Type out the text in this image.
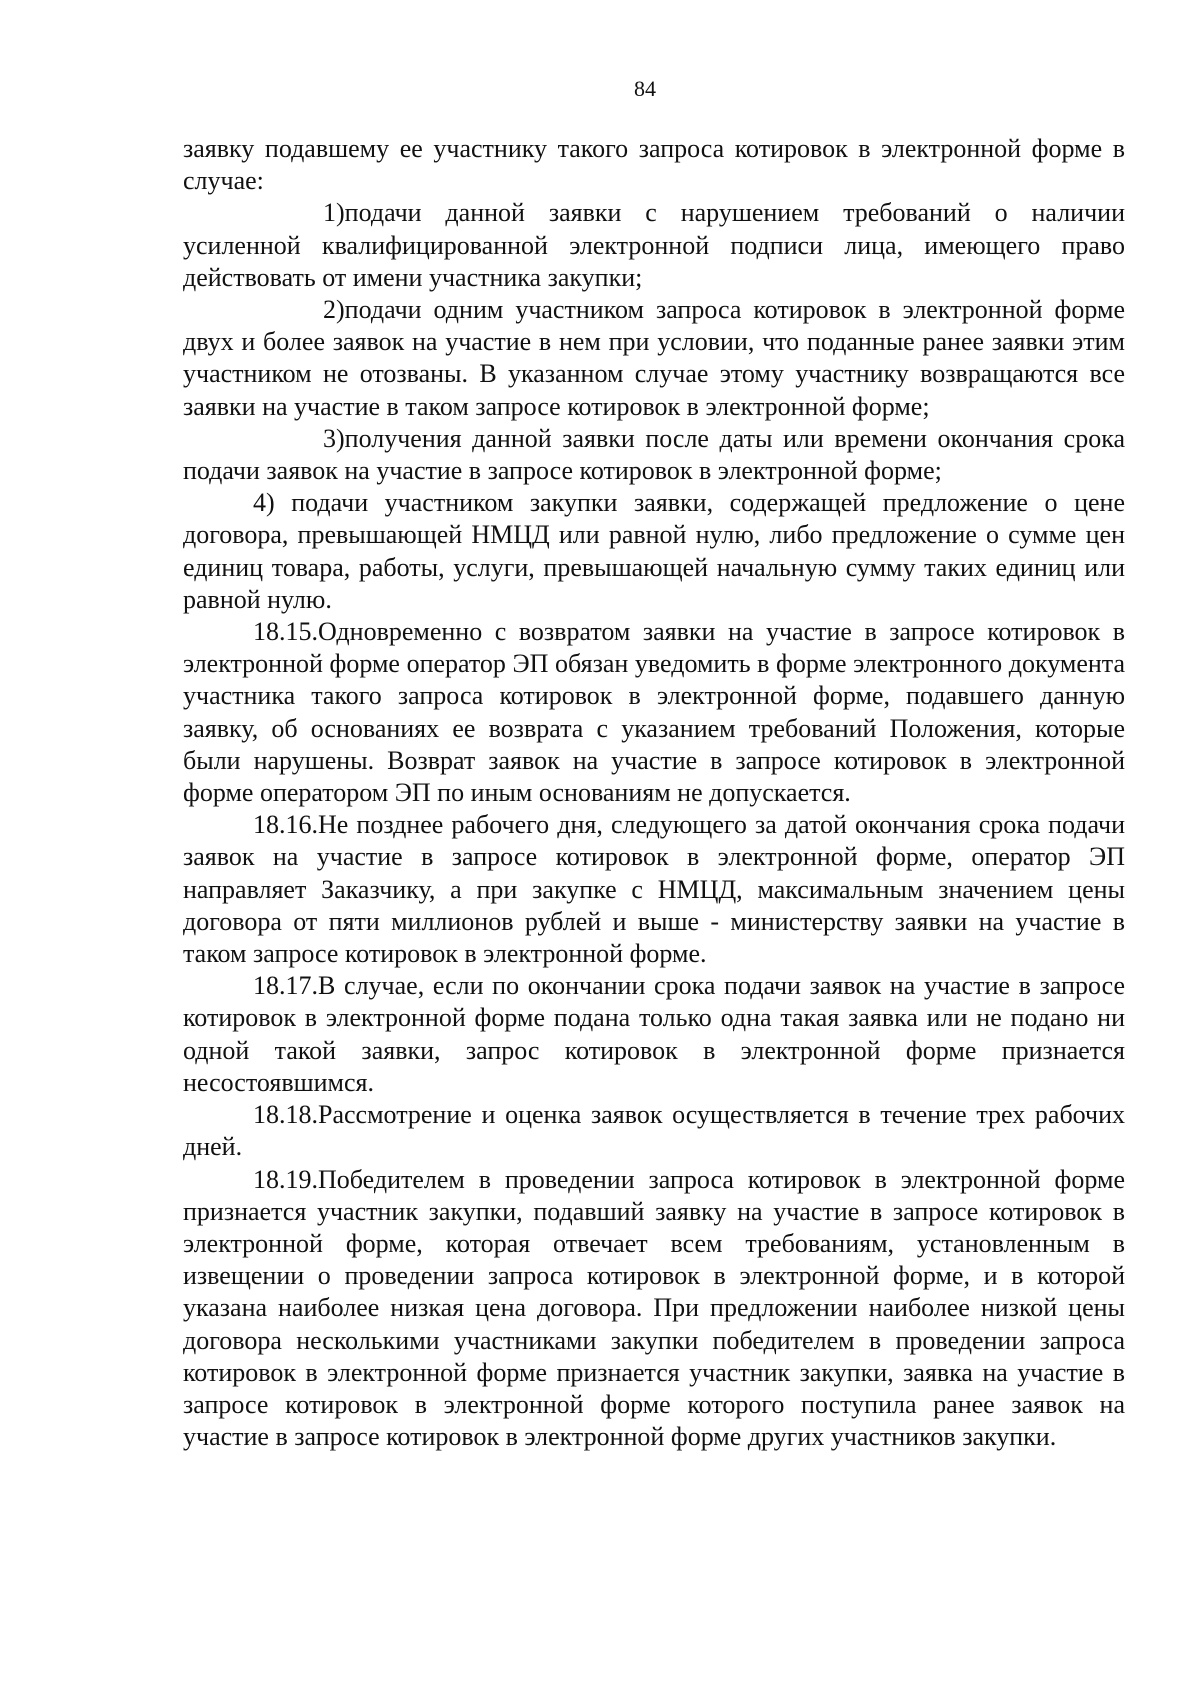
84

заявку подавшему ее участнику такого запроса котировок в электронной форме в случае:

1)подачи данной заявки с нарушением требований о наличии усиленной квалифицированной электронной подписи лица, имеющего право действовать от имени участника закупки;

2)подачи одним участником запроса котировок в электронной форме двух и более заявок на участие в нем при условии, что поданные ранее заявки этим участником не отозваны. В указанном случае этому участнику возвращаются все заявки на участие в таком запросе котировок в электронной форме;

3)получения данной заявки после даты или времени окончания срока подачи заявок на участие в запросе котировок в электронной форме;

4) подачи участником закупки заявки, содержащей предложение о цене договора, превышающей НМЦД или равной нулю, либо предложение о сумме цен единиц товара, работы, услуги, превышающей начальную сумму таких единиц или равной нулю.

18.15.Одновременно с возвратом заявки на участие в запросе котировок в электронной форме оператор ЭП обязан уведомить в форме электронного документа участника такого запроса котировок в электронной форме, подавшего данную заявку, об основаниях ее возврата с указанием требований Положения, которые были нарушены. Возврат заявок на участие в запросе котировок в электронной форме оператором ЭП по иным основаниям не допускается.

18.16.Не позднее рабочего дня, следующего за датой окончания срока подачи заявок на участие в запросе котировок в электронной форме, оператор ЭП направляет Заказчику, а при закупке с НМЦД, максимальным значением цены договора от пяти миллионов рублей и выше - министерству заявки на участие в таком запросе котировок в электронной форме.

18.17.В случае, если по окончании срока подачи заявок на участие в запросе котировок в электронной форме подана только одна такая заявка или не подано ни одной такой заявки, запрос котировок в электронной форме признается несостоявшимся.

18.18.Рассмотрение и оценка заявок осуществляется в течение трех рабочих дней.

18.19.Победителем в проведении запроса котировок в электронной форме признается участник закупки, подавший заявку на участие в запросе котировок в электронной форме, которая отвечает всем требованиям, установленным в извещении о проведении запроса котировок в электронной форме, и в которой указана наиболее низкая цена договора. При предложении наиболее низкой цены договора несколькими участниками закупки победителем в проведении запроса котировок в электронной форме признается участник закупки, заявка на участие в запросе котировок в электронной форме которого поступила ранее заявок на участие в запросе котировок в электронной форме других участников закупки.
